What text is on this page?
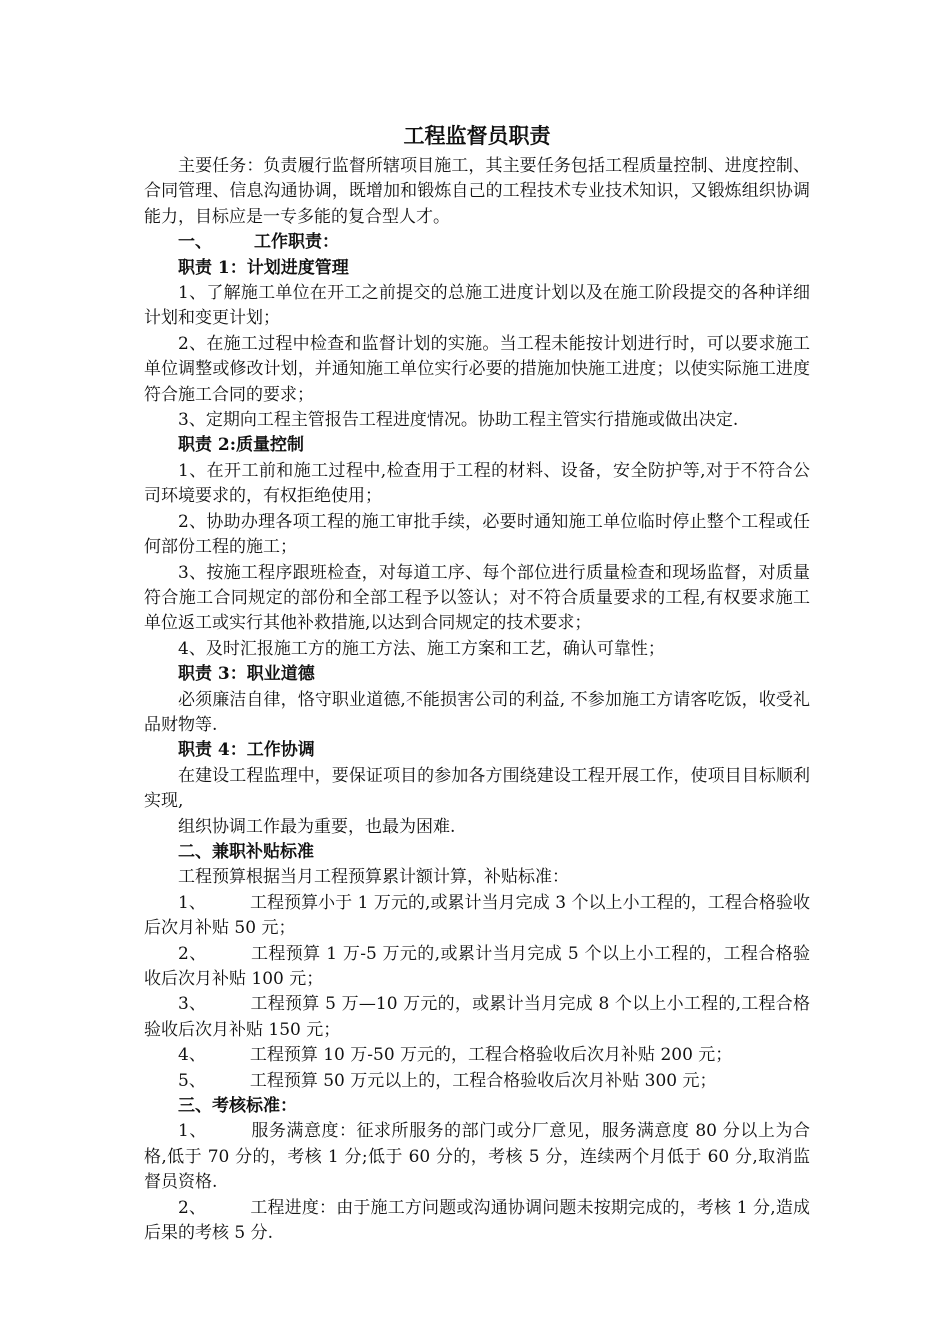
工程监督员职责

主要任务：负责履行监督所辖项目施工，其主要任务包括工程质量控制、进度控制、合同管理、信息沟通协调，既增加和锻炼自己的工程技术专业技术知识，又锻炼组织协调能力，目标应是一专多能的复合型人才。

一、 工作职责：

职责 1：计划进度管理

1、了解施工单位在开工之前提交的总施工进度计划以及在施工阶段提交的各种详细计划和变更计划；

2、在施工过程中检查和监督计划的实施。当工程未能按计划进行时，可以要求施工单位调整或修改计划，并通知施工单位实行必要的措施加快施工进度；以使实际施工进度符合施工合同的要求；

3、定期向工程主管报告工程进度情况。协助工程主管实行措施或做出决定.

职责 2:质量控制

1、在开工前和施工过程中,检查用于工程的材料、设备，安全防护等,对于不符合公司环境要求的，有权拒绝使用；

2、协助办理各项工程的施工审批手续，必要时通知施工单位临时停止整个工程或任何部份工程的施工；

3、按施工程序跟班检查，对每道工序、每个部位进行质量检查和现场监督，对质量符合施工合同规定的部份和全部工程予以签认；对不符合质量要求的工程,有权要求施工单位返工或实行其他补救措施,以达到合同规定的技术要求；

4、及时汇报施工方的施工方法、施工方案和工艺，确认可靠性；

职责 3：职业道德

必须廉洁自律，恪守职业道德,不能损害公司的利益, 不参加施工方请客吃饭，收受礼品财物等.

职责 4：工作协调

在建设工程监理中，要保证项目的参加各方围绕建设工程开展工作，使项目目标顺利实现,

组织协调工作最为重要，也最为困难.

二、兼职补贴标准

工程预算根据当月工程预算累计额计算，补贴标准：

1、	工程预算小于 1 万元的,或累计当月完成 3 个以上小工程的，工程合格验收后次月补贴 50 元；

2、	工程预算 1 万-5 万元的,或累计当月完成 5 个以上小工程的，工程合格验收后次月补贴 100 元；

3、	工程预算 5 万—10 万元的，或累计当月完成 8 个以上小工程的,工程合格验收后次月补贴 150 元；

4、	工程预算 10 万-50 万元的，工程合格验收后次月补贴 200 元；

5、	工程预算 50 万元以上的，工程合格验收后次月补贴 300 元；

三、考核标准：

1、	服务满意度：征求所服务的部门或分厂意见，服务满意度 80 分以上为合格,低于 70 分的，考核 1 分;低于 60 分的，考核 5 分，连续两个月低于 60 分,取消监督员资格.

2、	工程进度：由于施工方问题或沟通协调问题未按期完成的，考核 1 分,造成后果的考核 5 分.
